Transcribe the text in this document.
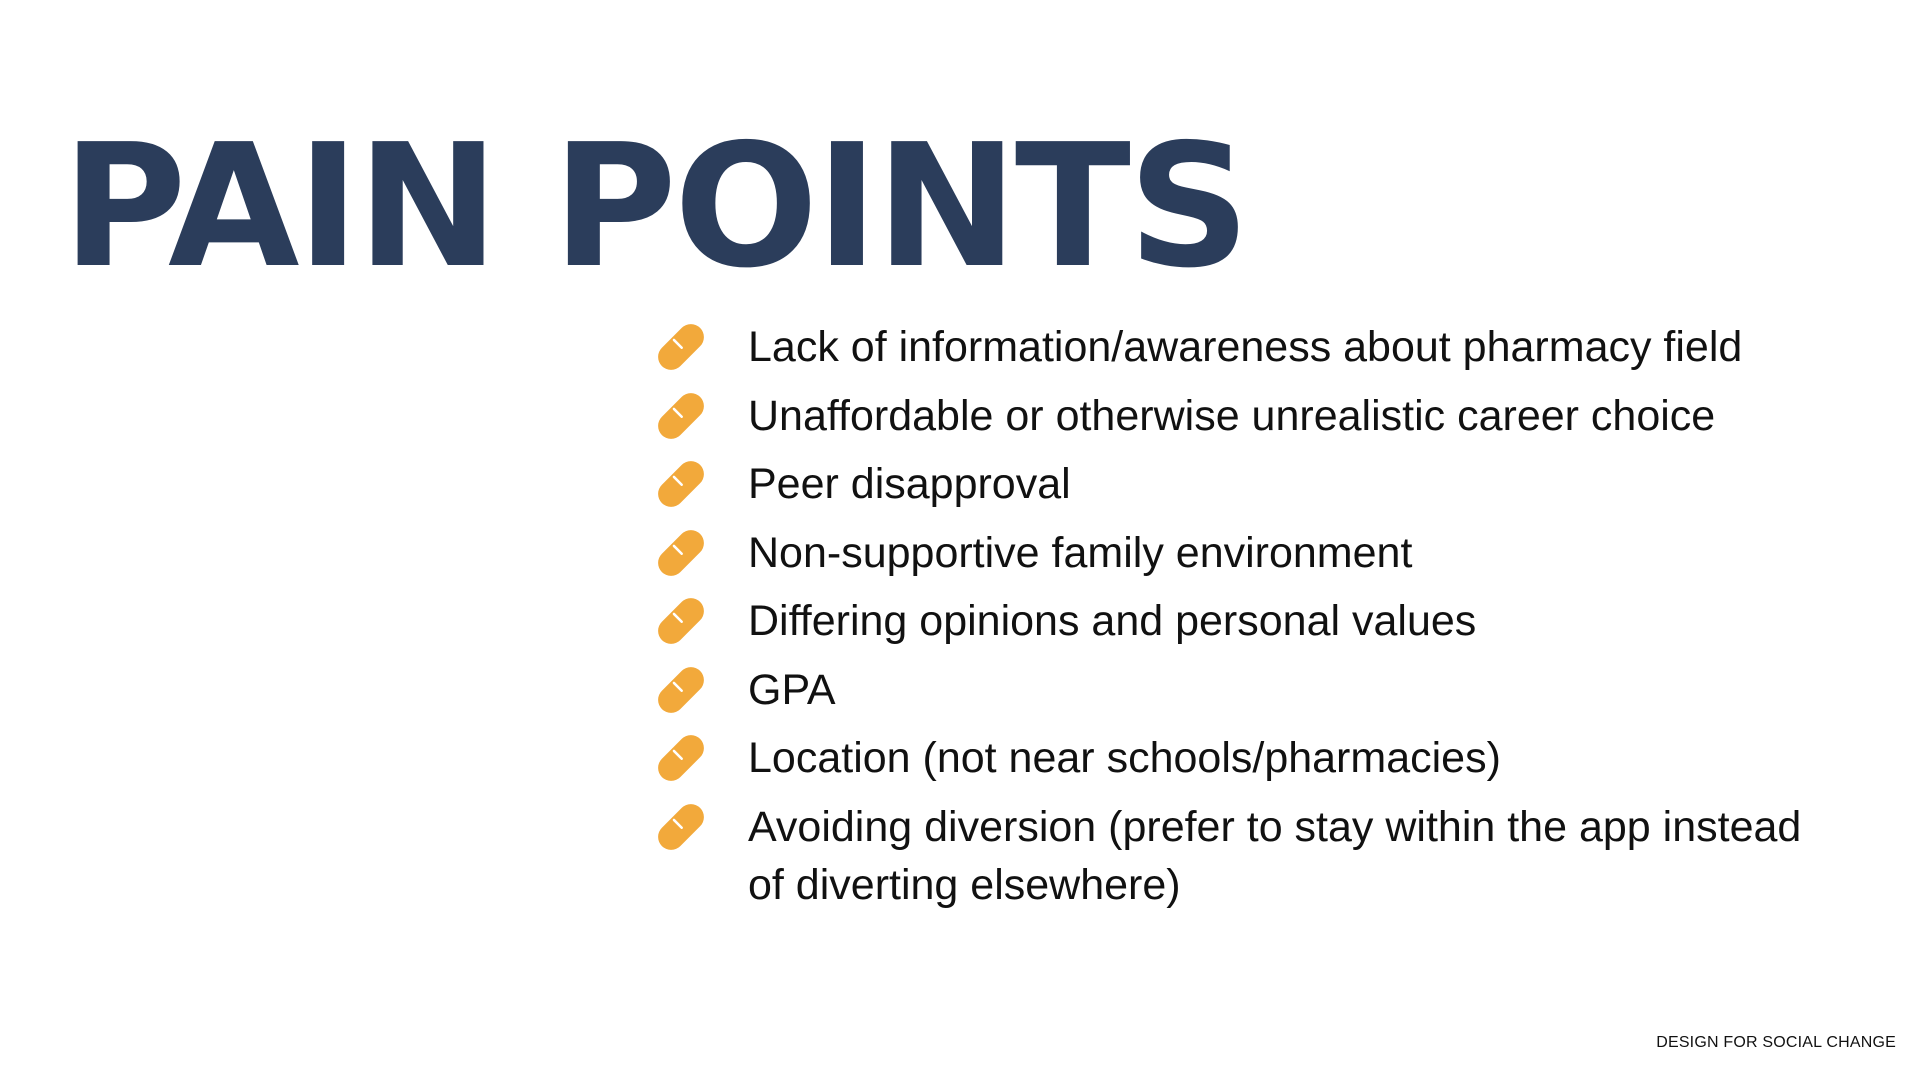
PAIN POINTS
Lack of information/awareness about pharmacy field
Unaffordable or otherwise unrealistic career choice
Peer disapproval
Non-supportive family environment
Differing opinions and personal values
GPA
Location (not near schools/pharmacies)
Avoiding diversion (prefer to stay within the app instead of diverting elsewhere)
DESIGN FOR SOCIAL CHANGE
